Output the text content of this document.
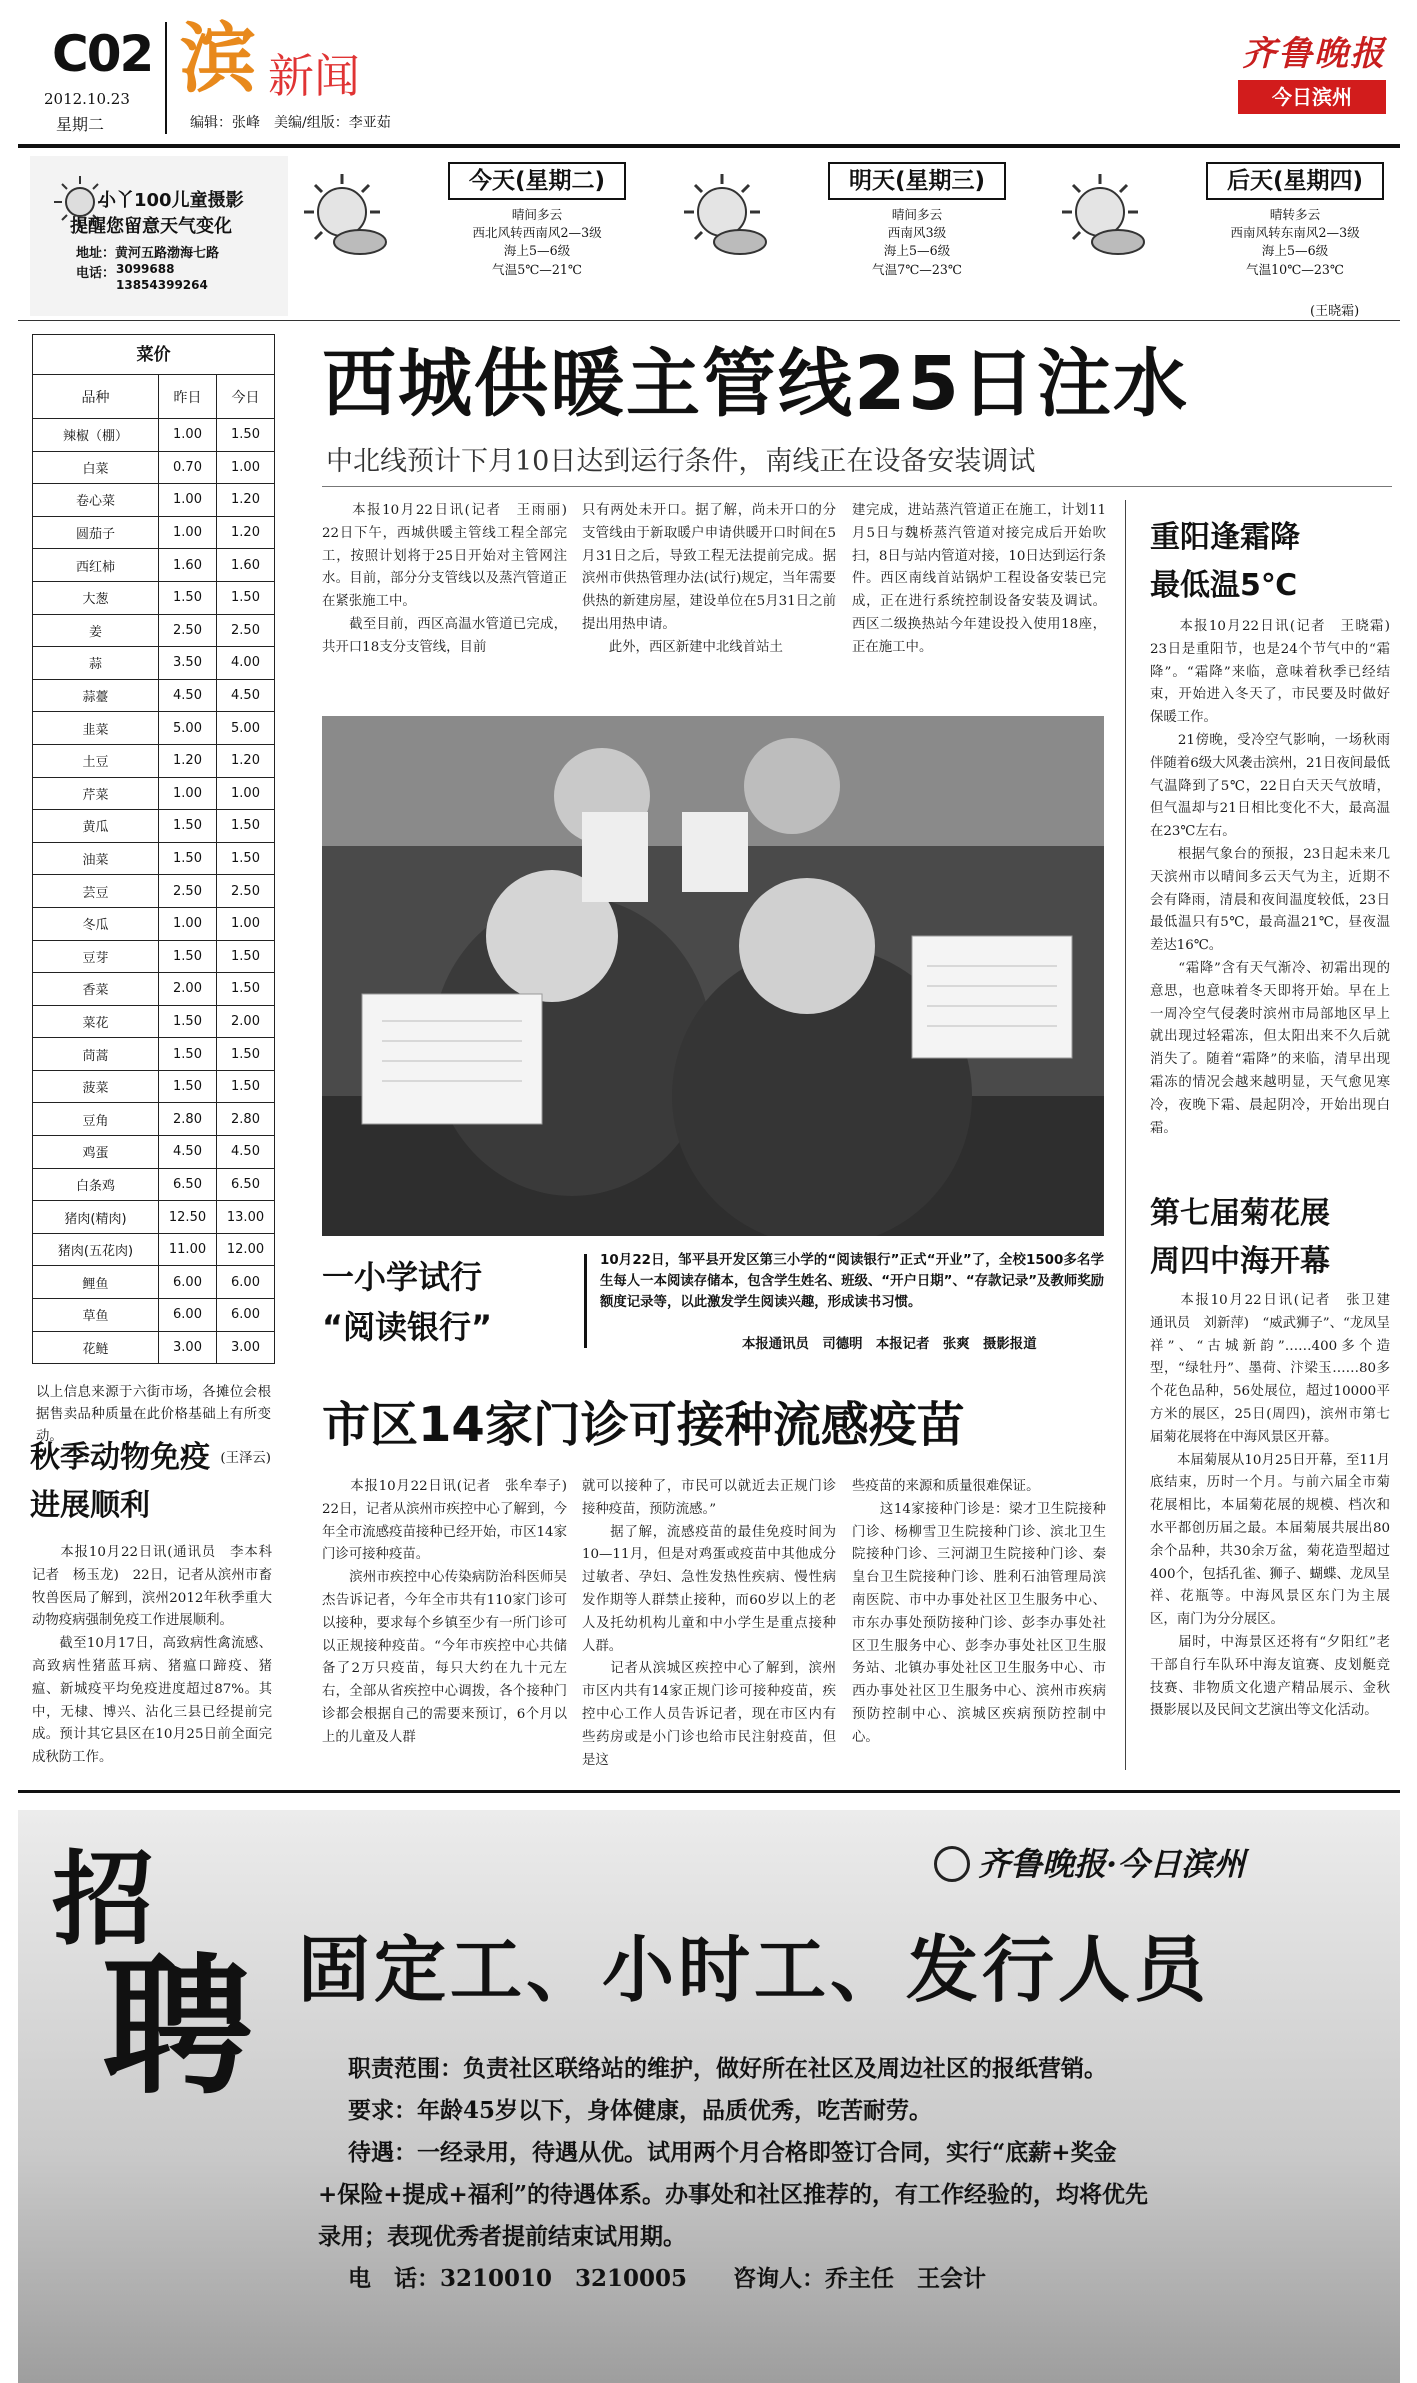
C02
2012.10.23
星期二
滨 新闻
编辑：张峰　美编/组版：李亚茹
齐鲁晚报
今日滨州
小丫100儿童摄影
提醒您留意天气变化
地址：黄河五路渤海七路
电话： 3099688
13854399264
今天(星期二)
晴间多云
西北风转西南风2—3级
海上5—6级
气温5℃—21℃
明天(星期三)
晴间多云
西南风3级
海上5—6级
气温7℃—23℃
后天(星期四)
晴转多云
西南风转东南风2—3级
海上5—6级
气温10℃—23℃
(王晓霜)
菜价
品种	昨日	今日
辣椒（棚）	1.00	1.50
白菜	0.70	1.00
卷心菜	1.00	1.20
圆茄子	1.00	1.20
西红柿	1.60	1.60
大葱	1.50	1.50
姜	2.50	2.50
蒜	3.50	4.00
蒜薹	4.50	4.50
韭菜	5.00	5.00
土豆	1.20	1.20
芹菜	1.00	1.00
黄瓜	1.50	1.50
油菜	1.50	1.50
芸豆	2.50	2.50
冬瓜	1.00	1.00
豆芽	1.50	1.50
香菜	2.00	1.50
菜花	1.50	2.00
茼蒿	1.50	1.50
菠菜	1.50	1.50
豆角	2.80	2.80
鸡蛋	4.50	4.50
白条鸡	6.50	6.50
猪肉(精肉)	12.50	13.00
猪肉(五花肉)	11.00	12.00
鲤鱼	6.00	6.00
草鱼	6.00	6.00
花鲢	3.00	3.00
以上信息来源于六街市场，各摊位会根据售卖品种质量在此价格基础上有所变动。
(王泽云)
秋季动物免疫
进展顺利
　　本报10月22日讯(通讯员　李本科　记者　杨玉龙)　22日，记者从滨州市畜牧兽医局了解到，滨州2012年秋季重大动物疫病强制免疫工作进展顺利。
　　截至10月17日，高致病性禽流感、高致病性猪蓝耳病、猪瘟口蹄疫、猪瘟、新城疫平均免疫进度超过87%。其中，无棣、博兴、沾化三县已经提前完成。预计其它县区在10月25日前全面完成秋防工作。
西城供暖主管线25日注水
中北线预计下月10日达到运行条件，南线正在设备安装调试
　　本报10月22日讯(记者　王雨丽)　22日下午，西城供暖主管线工程全部完工，按照计划将于25日开始对主管网注水。目前，部分分支管线以及蒸汽管道正在紧张施工中。
　　截至目前，西区高温水管道已完成，共开口18支分支管线，目前
只有两处未开口。据了解，尚未开口的分支管线由于新取暖户申请供暖开口时间在5月31日之后，导致工程无法提前完成。据滨州市供热管理办法(试行)规定，当年需要供热的新建房屋，建设单位在5月31日之前提出用热申请。
　　此外，西区新建中北线首站土
建完成，进站蒸汽管道正在施工，计划11月5日与魏桥蒸汽管道对接完成后开始吹扫，8日与站内管道对接，10日达到运行条件。西区南线首站锅炉工程设备安装已完成，正在进行系统控制设备安装及调试。西区二级换热站今年建设投入使用18座，正在施工中。
一小学试行
“阅读银行”
10月22日，邹平县开发区第三小学的“阅读银行”正式“开业”了，全校1500多名学生每人一本阅读存储本，包含学生姓名、班级、“开户日期”、“存款记录”及教师奖励额度记录等，以此激发学生阅读兴趣，形成读书习惯。
本报通讯员　司德明　本报记者　张爽　摄影报道
市区14家门诊可接种流感疫苗
　　本报10月22日讯(记者　张牟奉子)　22日，记者从滨州市疾控中心了解到，今年全市流感疫苗接种已经开始，市区14家门诊可接种疫苗。
　　滨州市疾控中心传染病防治科医师吴杰告诉记者，今年全市共有110家门诊可以接种，要求每个乡镇至少有一所门诊可以正规接种疫苗。“今年市疾控中心共储备了2万只疫苗，每只大约在九十元左右，全部从省疾控中心调拨，各个接种门诊都会根据自己的需要来预订，6个月以上的儿童及人群
就可以接种了，市民可以就近去正规门诊接种疫苗，预防流感。”
　　据了解，流感疫苗的最佳免疫时间为10—11月，但是对鸡蛋或疫苗中其他成分过敏者、孕妇、急性发热性疾病、慢性病发作期等人群禁止接种，而60岁以上的老人及托幼机构儿童和中小学生是重点接种人群。
　　记者从滨城区疾控中心了解到，滨州市区内共有14家正规门诊可接种疫苗，疾控中心工作人员告诉记者，现在市区内有些药房或是小门诊也给市民注射疫苗，但是这
些疫苗的来源和质量很难保证。
　　这14家接种门诊是：梁才卫生院接种门诊、杨柳雪卫生院接种门诊、滨北卫生院接种门诊、三河湖卫生院接种门诊、秦皇台卫生院接种门诊、胜利石油管理局滨南医院、市中办事处社区卫生服务中心、市东办事处预防接种门诊、彭李办事处社区卫生服务中心、彭李办事处社区卫生服务站、北镇办事处社区卫生服务中心、市西办事处社区卫生服务中心、滨州市疾病预防控制中心、滨城区疾病预防控制中心。
重阳逢霜降
最低温5℃
　　本报10月22日讯(记者　王晓霜)　23日是重阳节，也是24个节气中的“霜降”。“霜降”来临，意味着秋季已经结束，开始进入冬天了，市民要及时做好保暖工作。
　　21傍晚，受冷空气影响，一场秋雨伴随着6级大风袭击滨州，21日夜间最低气温降到了5℃，22日白天天气放晴，但气温却与21日相比变化不大，最高温在23℃左右。
　　根据气象台的预报，23日起未来几天滨州市以晴间多云天气为主，近期不会有降雨，清晨和夜间温度较低，23日最低温只有5℃，最高温21℃，昼夜温差达16℃。
　　“霜降”含有天气渐冷、初霜出现的意思，也意味着冬天即将开始。早在上一周冷空气侵袭时滨州市局部地区早上就出现过轻霜冻，但太阳出来不久后就消失了。随着“霜降”的来临，清早出现霜冻的情况会越来越明显，天气愈见寒冷，夜晚下霜、晨起阴冷，开始出现白霜。
第七届菊花展
周四中海开幕
　　本报10月22日讯(记者　张卫建　通讯员　刘新萍)　“威武狮子”、“龙凤呈祥”、“古城新韵”……400多个造型，“绿牡丹”、墨荷、汴梁玉……80多个花色品种，56处展位，超过10000平方米的展区，25日(周四)，滨州市第七届菊花展将在中海风景区开幕。
　　本届菊展从10月25日开幕，至11月底结束，历时一个月。与前六届全市菊花展相比，本届菊花展的规模、档次和水平都创历届之最。本届菊展共展出80余个品种，共30余万盆，菊花造型超过400个，包括孔雀、狮子、蝴蝶、龙凤呈祥、花瓶等。中海风景区东门为主展区，南门为分分展区。
　　届时，中海景区还将有“夕阳红”老干部自行车队环中海友谊赛、皮划艇竞技赛、非物质文化遗产精品展示、金秋摄影展以及民间文艺演出等文化活动。
招
聘
齐鲁晚报·今日滨州
固定工、小时工、发行人员
职责范围：负责社区联络站的维护，做好所在社区及周边社区的报纸营销。
要求：年龄45岁以下，身体健康，品质优秀，吃苦耐劳。
待遇：一经录用，待遇从优。试用两个月合格即签订合同，实行“底薪+奖金
+保险+提成+福利”的待遇体系。办事处和社区推荐的，有工作经验的，均将优先
录用；表现优秀者提前结束试用期。
电　话：3210010　3210005　　咨询人：乔主任　王会计
